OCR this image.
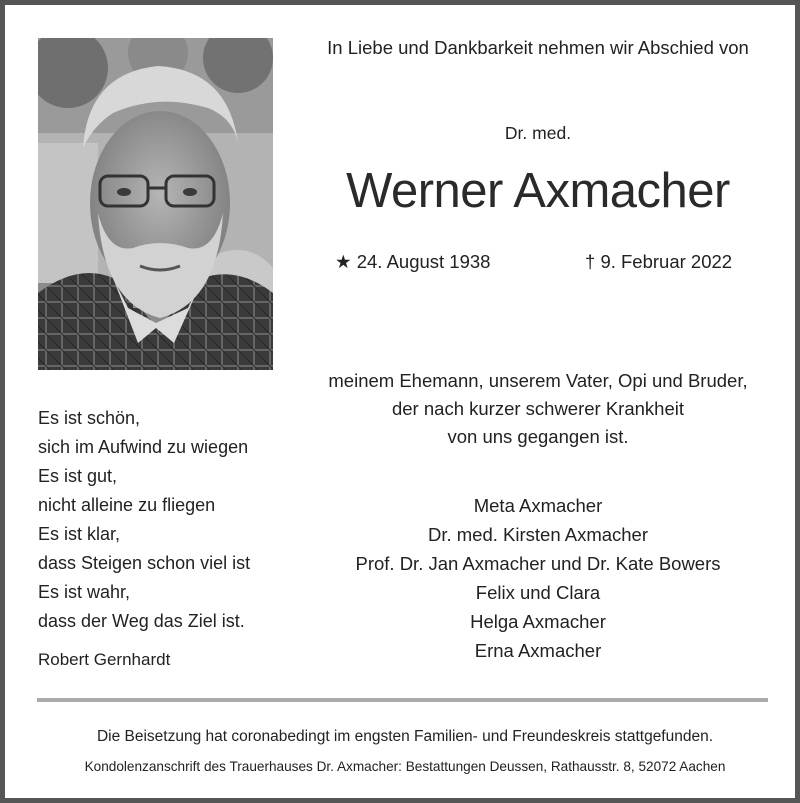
In Liebe und Dankbarkeit nehmen wir Abschied von
Dr. med.
Werner Axmacher
★ 24. August 1938	† 9. Februar 2022
meinem Ehemann, unserem Vater, Opi und Bruder,
der nach kurzer schwerer Krankheit
von uns gegangen ist.
Es ist schön,
sich im Aufwind zu wiegen
Es ist gut,
nicht alleine zu fliegen
Es ist klar,
dass Steigen schon viel ist
Es ist wahr,
dass der Weg das Ziel ist.
Robert Gernhardt
Meta Axmacher
Dr. med. Kirsten Axmacher
Prof. Dr. Jan Axmacher und Dr. Kate Bowers
Felix und Clara
Helga Axmacher
Erna Axmacher
Die Beisetzung hat coronabedingt im engsten Familien- und Freundeskreis stattgefunden.
Kondolenzanschrift des Trauerhauses Dr. Axmacher: Bestattungen Deussen, Rathausstr. 8, 52072 Aachen
